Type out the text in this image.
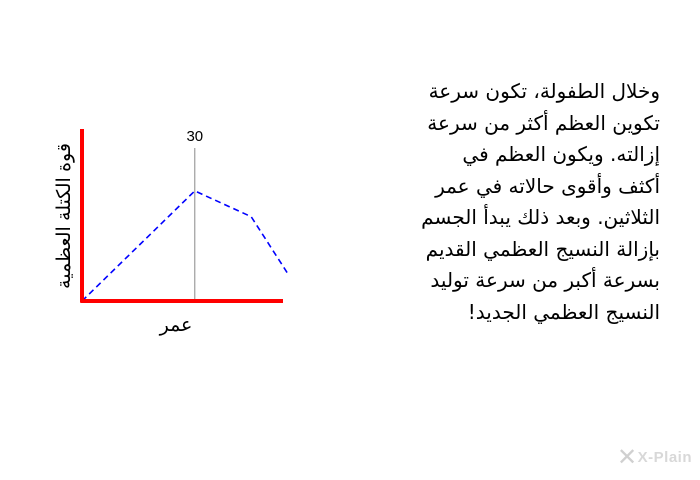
30
قوة الكتلة العظمية
عمر
وخلال الطفولة، تكون سرعة
تكوين العظم أكثر من سرعة
إزالته. ويكون العظم في
أكثف وأقوى حالاته في عمر
الثلاثين. وبعد ذلك يبدأ الجسم
بإزالة النسيج العظمي القديم
بسرعة أكبر من سرعة توليد
النسيج العظمي الجديد!
✕X-Plain
